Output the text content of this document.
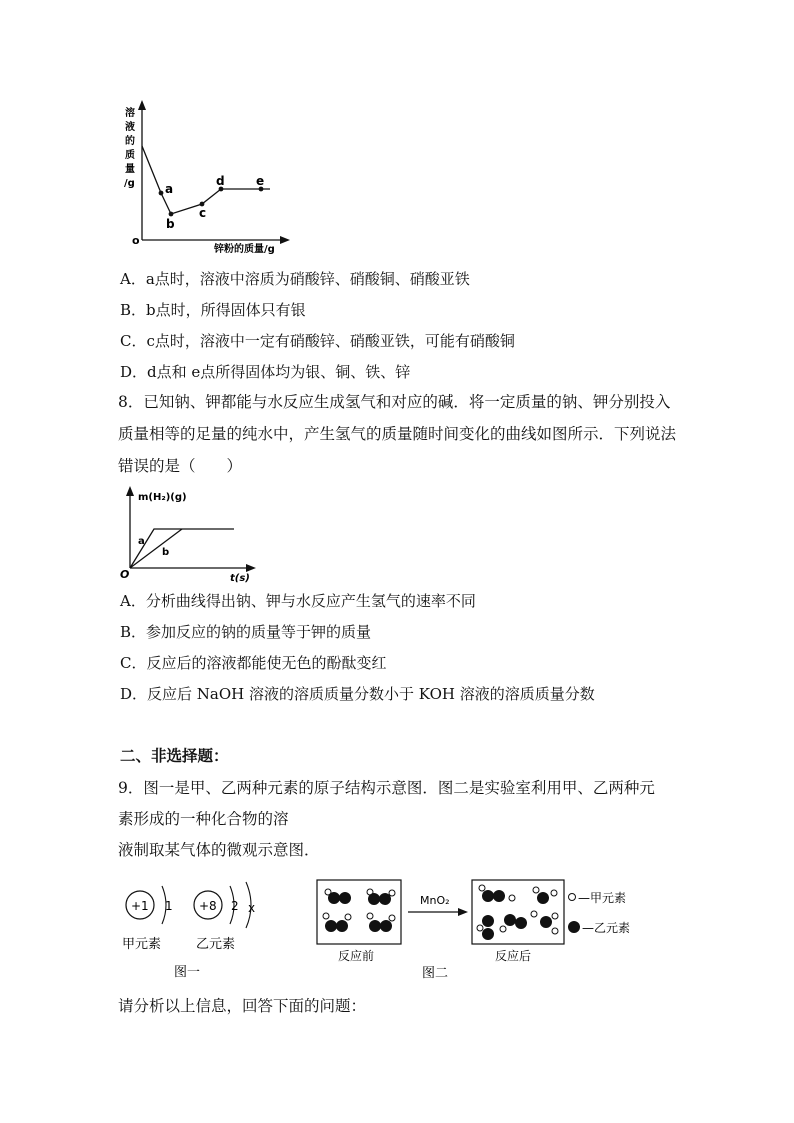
溶
液
的
质
量
/g
o
锌粉的质量/g
a
b
c
d	e
A．a点时，溶液中溶质为硝酸锌、硝酸铜、硝酸亚铁
B．b点时，所得固体只有银
C．c点时，溶液中一定有硝酸锌、硝酸亚铁，可能有硝酸铜
D．d点和 e点所得固体均为银、铜、铁、锌
8．已知钠、钾都能与水反应生成氢气和对应的碱．将一定质量的钠、钾分别投入质量相等的足量的纯水中，产生氢气的质量随时间变化的曲线如图所示．下列说法错误的是（　　）
m(H₂)(g)
O	t(s)
a
b
A．分析曲线得出钠、钾与水反应产生氢气的速率不同
B．参加反应的钠的质量等于钾的质量
C．反应后的溶液都能使无色的酚酞变红
D．反应后 NaOH 溶液的溶质质量分数小于 KOH 溶液的溶质质量分数
二、非选择题：
9．图一是甲、乙两种元素的原子结构示意图．图二是实验室利用甲、乙两种元
素形成的一种化合物的溶
液制取某气体的微观示意图．
+1 1
甲元素
+8 2 x
乙元素
图一
反应前
MnO₂
反应后
—甲元素
—乙元素
图二
请分析以上信息，回答下面的问题：
